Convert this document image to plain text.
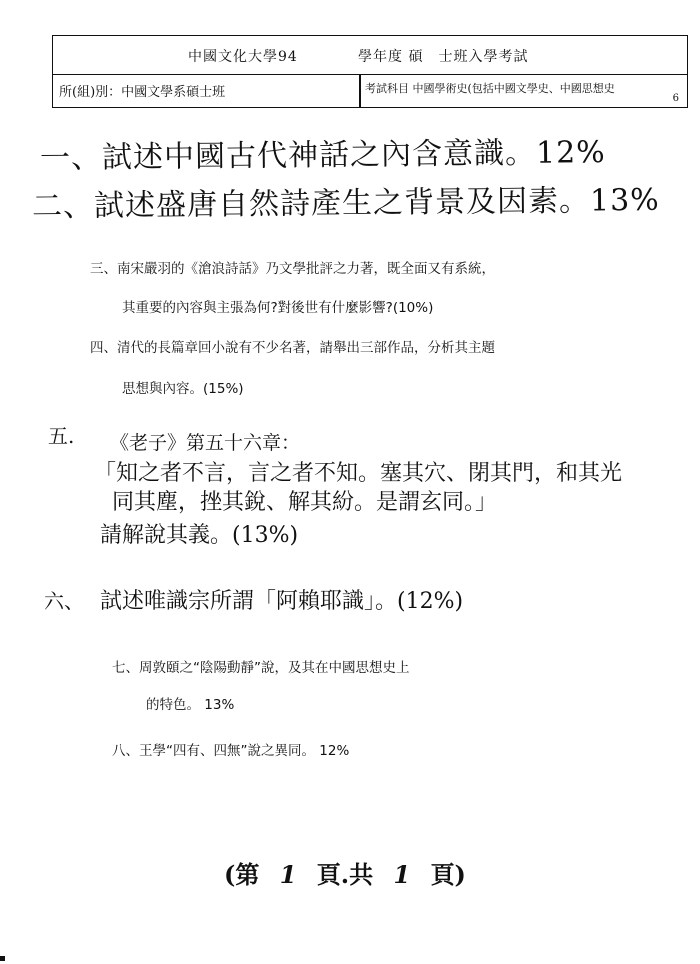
中國文化大學94	學年度 碩　士班入學考試
所(組)別：中國文學系碩士班	考試科目 中國學術史(包括中國文學史、中國思想史
6
一、試述中國古代神話之內含意識。12%
二、試述盛唐自然詩產生之背景及因素。13%
三、南宋嚴羽的《滄浪詩話》乃文學批評之力著，既全面又有系統，
其重要的內容與主張為何?對後世有什麼影響?(10%)
四、清代的長篇章回小說有不少名著，請舉出三部作品，分析其主題
思想與內容。(15%)
五. 《老子》第五十六章：
「知之者不言，言之者不知。塞其穴、閉其門，和其光
同其塵，挫其銳、解其紛。是謂玄同。」
請解說其義。(13%)
六、 試述唯識宗所謂「阿賴耶識」。(12%)
七、周敦頤之“陰陽動靜”說，及其在中國思想史上
的特色。 13%
八、王學“四有、四無”說之異同。 12%
(第 1 頁.共 1 頁)
